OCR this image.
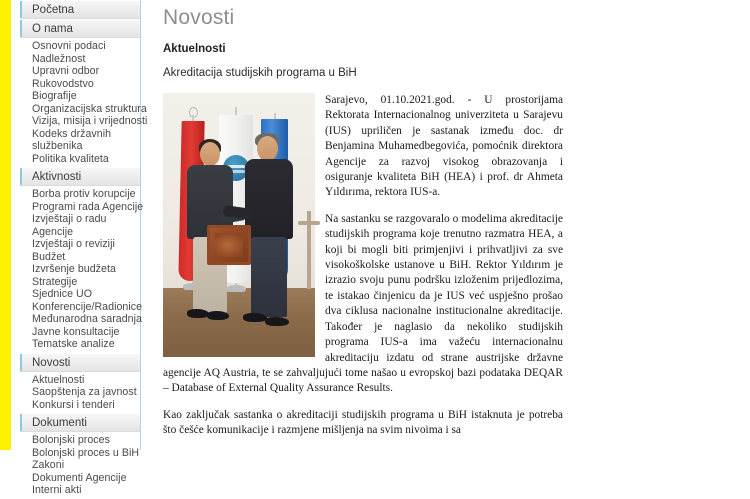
Početna
O nama
Osnovni podaci
Nadležnost
Upravni odbor
Rukovodstvo
Biografije
Organizacijska struktura
Vizija, misija i vrijednosti
Kodeks državnih
službenika
Politika kvaliteta
Aktivnosti
Borba protiv korupcije
Programi rada Agencije
Izvještaji o radu
Agencije
Izvještaji o reviziji
Budžet
Izvršenje budžeta
Strategije
Sjednice UO
Konferencije/Radionice
Međunarodna saradnja
Javne konsultacije
Tematske analize
Novosti
Aktuelnosti
Saopštenja za javnost
Konkursi i tenderi
Dokumenti
Bolonjski proces
Bolonjski proces u BiH
Zakoni
Dokumenti Agencije
Interni akti
Novosti
Aktuelnosti
Akreditacija studijskih programa u BiH

Sarajevo, 01.10.2021.god. - U prostorijama Rektorata Internacionalnog univerziteta u Sarajevu (IUS) upriličen je sastanak između doc. dr Benjamina Muhamedbegovića, pomoćnik direktora Agencije za razvoj visokog obrazovanja i osiguranje kvaliteta BiH (HEA) i prof. dr Ahmeta Yıldırıma, rektora IUS-a.

Na sastanku se razgovaralo o modelima akreditacije studijskih programa koje trenutno razmatra HEA, a koji bi mogli biti primjenjivi i prihvatljivi za sve visokoškolske ustanove u BiH. Rektor Yıldırım je izrazio svoju punu podršku izloženim prijedlozima, te istakao činjenicu da je IUS već uspješno prošao dva ciklusa nacionalne institucionalne akreditacije. Također je naglasio da nekoliko studijskih programa IUS-a ima važeću internacionalnu akreditaciju izdatu od strane austrijske državne agencije AQ Austria, te se zahvaljujući tome našao u evropskoj bazi podataka DEQAR – Database of External Quality Assurance Results.

Kao zaključak sastanka o akreditaciji studijskih programa u BiH istaknuta je potreba što češće komunikacije i razmjene mišljenja na svim nivoima i sa
